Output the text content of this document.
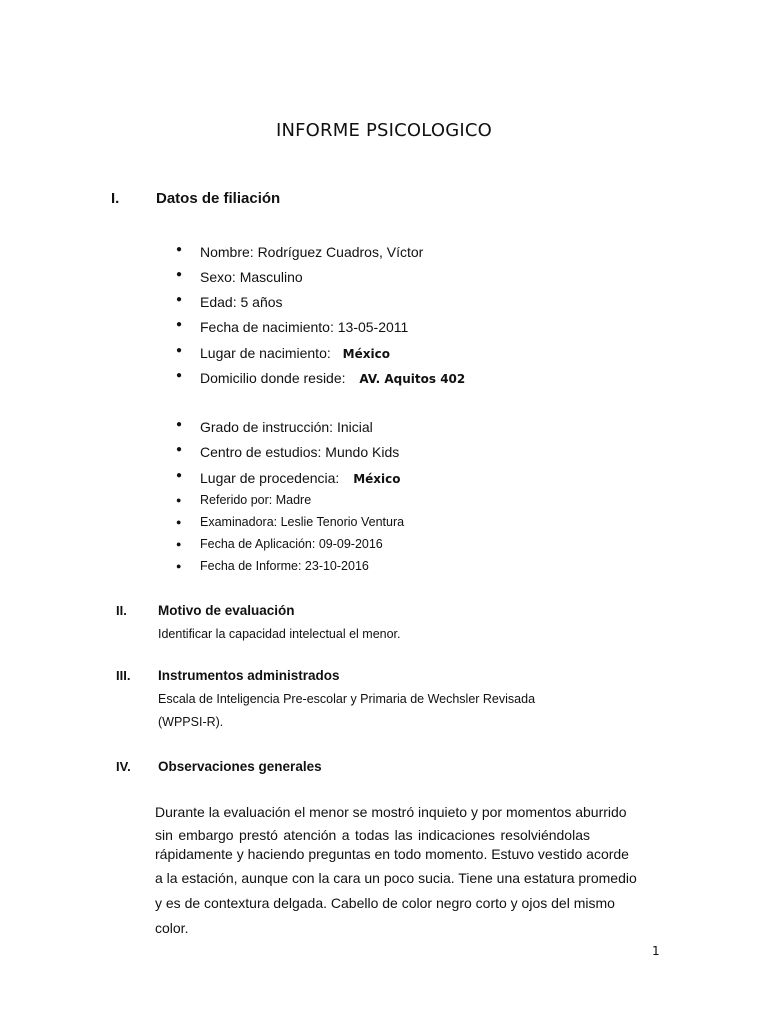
INFORME PSICOLOGICO
I. Datos de filiación
● Nombre: Rodríguez Cuadros, Víctor
● Sexo: Masculino
● Edad: 5 años
● Fecha de nacimiento: 13-05-2011
● Lugar de nacimiento: México
● Domicilio donde reside: AV. Aquitos 402
● Grado de instrucción: Inicial
● Centro de estudios: Mundo Kids
● Lugar de procedencia: México
● Referido por: Madre
● Examinadora: Leslie Tenorio Ventura
● Fecha de Aplicación: 09-09-2016
● Fecha de Informe: 23-10-2016
II. Motivo de evaluación
Identificar la capacidad intelectual el menor.
III. Instrumentos administrados
Escala de Inteligencia Pre-escolar y Primaria de Wechsler Revisada
(WPPSI-R).
IV. Observaciones generales
Durante la evaluación el menor se mostró inquieto y por momentos aburrido
sin embargo prestó atención a todas las indicaciones resolviéndolas
rápidamente y haciendo preguntas en todo momento. Estuvo vestido acorde
a la estación, aunque con la cara un poco sucia. Tiene una estatura promedio
y es de contextura delgada. Cabello de color negro corto y ojos del mismo
color.
1
